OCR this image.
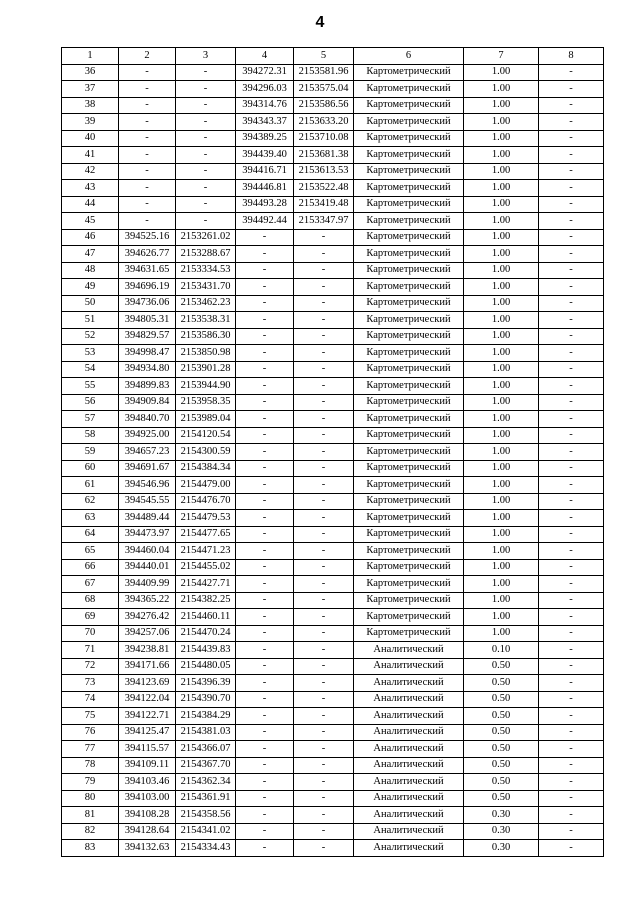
4
1	2	3	4	5	6	7	8
36	-	-	394272.31	2153581.96	Картометрический	1.00	-
37	-	-	394296.03	2153575.04	Картометрический	1.00	-
38	-	-	394314.76	2153586.56	Картометрический	1.00	-
39	-	-	394343.37	2153633.20	Картометрический	1.00	-
40	-	-	394389.25	2153710.08	Картометрический	1.00	-
41	-	-	394439.40	2153681.38	Картометрический	1.00	-
42	-	-	394416.71	2153613.53	Картометрический	1.00	-
43	-	-	394446.81	2153522.48	Картометрический	1.00	-
44	-	-	394493.28	2153419.48	Картометрический	1.00	-
45	-	-	394492.44	2153347.97	Картометрический	1.00	-
46	394525.16	2153261.02	-	-	Картометрический	1.00	-
47	394626.77	2153288.67	-	-	Картометрический	1.00	-
48	394631.65	2153334.53	-	-	Картометрический	1.00	-
49	394696.19	2153431.70	-	-	Картометрический	1.00	-
50	394736.06	2153462.23	-	-	Картометрический	1.00	-
51	394805.31	2153538.31	-	-	Картометрический	1.00	-
52	394829.57	2153586.30	-	-	Картометрический	1.00	-
53	394998.47	2153850.98	-	-	Картометрический	1.00	-
54	394934.80	2153901.28	-	-	Картометрический	1.00	-
55	394899.83	2153944.90	-	-	Картометрический	1.00	-
56	394909.84	2153958.35	-	-	Картометрический	1.00	-
57	394840.70	2153989.04	-	-	Картометрический	1.00	-
58	394925.00	2154120.54	-	-	Картометрический	1.00	-
59	394657.23	2154300.59	-	-	Картометрический	1.00	-
60	394691.67	2154384.34	-	-	Картометрический	1.00	-
61	394546.96	2154479.00	-	-	Картометрический	1.00	-
62	394545.55	2154476.70	-	-	Картометрический	1.00	-
63	394489.44	2154479.53	-	-	Картометрический	1.00	-
64	394473.97	2154477.65	-	-	Картометрический	1.00	-
65	394460.04	2154471.23	-	-	Картометрический	1.00	-
66	394440.01	2154455.02	-	-	Картометрический	1.00	-
67	394409.99	2154427.71	-	-	Картометрический	1.00	-
68	394365.22	2154382.25	-	-	Картометрический	1.00	-
69	394276.42	2154460.11	-	-	Картометрический	1.00	-
70	394257.06	2154470.24	-	-	Картометрический	1.00	-
71	394238.81	2154439.83	-	-	Аналитический	0.10	-
72	394171.66	2154480.05	-	-	Аналитический	0.50	-
73	394123.69	2154396.39	-	-	Аналитический	0.50	-
74	394122.04	2154390.70	-	-	Аналитический	0.50	-
75	394122.71	2154384.29	-	-	Аналитический	0.50	-
76	394125.47	2154381.03	-	-	Аналитический	0.50	-
77	394115.57	2154366.07	-	-	Аналитический	0.50	-
78	394109.11	2154367.70	-	-	Аналитический	0.50	-
79	394103.46	2154362.34	-	-	Аналитический	0.50	-
80	394103.00	2154361.91	-	-	Аналитический	0.50	-
81	394108.28	2154358.56	-	-	Аналитический	0.30	-
82	394128.64	2154341.02	-	-	Аналитический	0.30	-
83	394132.63	2154334.43	-	-	Аналитический	0.30	-
